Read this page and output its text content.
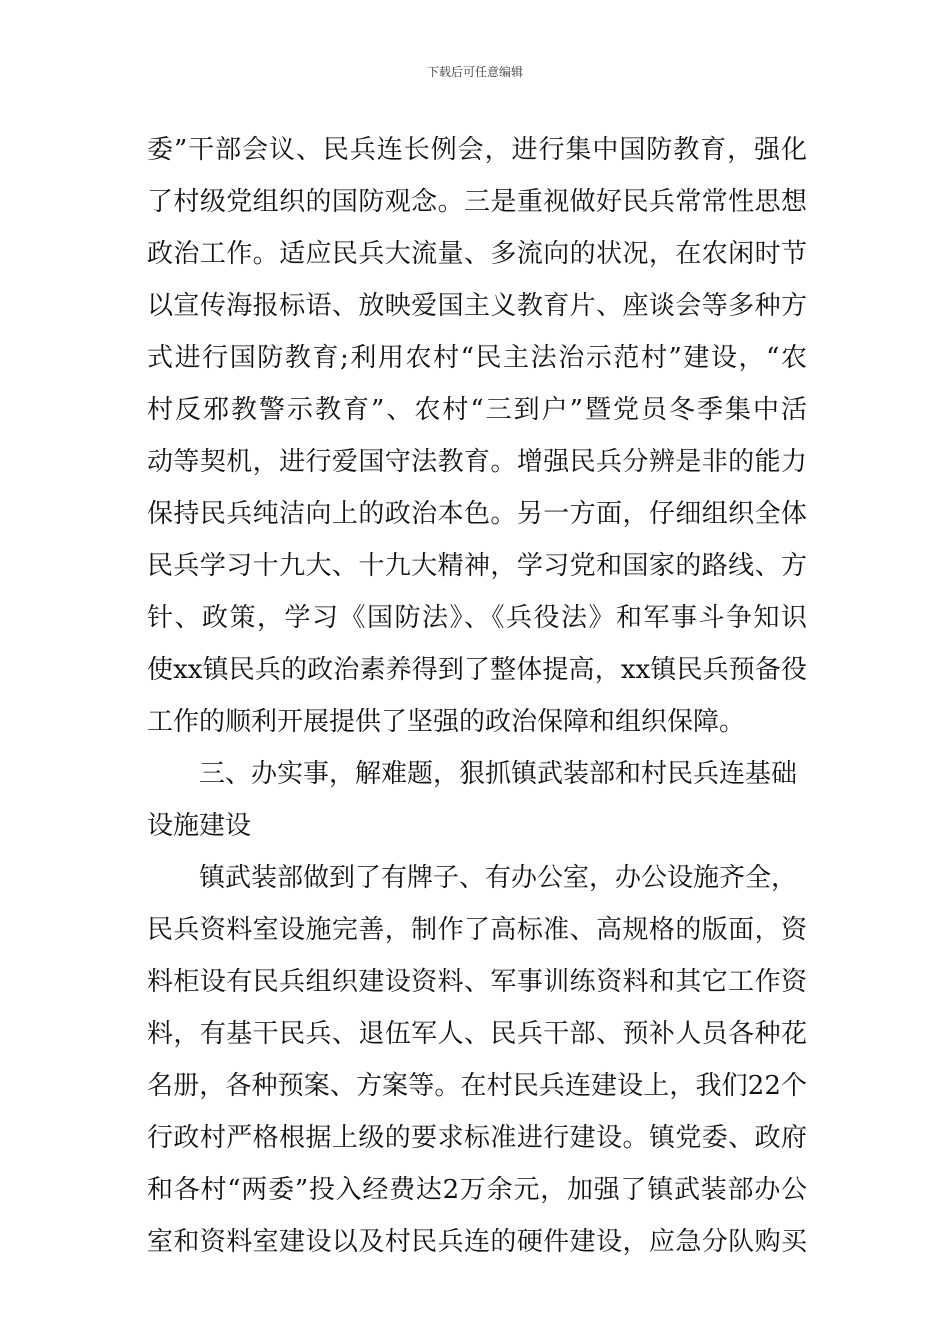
下载后可任意编辑
委”干部会议、民兵连长例会，进行集中国防教育，强化
了村级党组织的国防观念。三是重视做好民兵常常性思想
政治工作。适应民兵大流量、多流向的状况，在农闲时节
以宣传海报标语、放映爱国主义教育片、座谈会等多种方
式进行国防教育;利用农村“民主法治示范村”建设，“农
村反邪教警示教育”、农村“三到户”暨党员冬季集中活
动等契机，进行爱国守法教育。增强民兵分辨是非的能力
保持民兵纯洁向上的政治本色。另一方面，仔细组织全体
民兵学习十九大、十九大精神，学习党和国家的路线、方
针、政策，学习《国防法》、《兵役法》和军事斗争知识
使xx镇民兵的政治素养得到了整体提高，xx镇民兵预备役
工作的顺利开展提供了坚强的政治保障和组织保障。
三、办实事，解难题，狠抓镇武装部和村民兵连基础
设施建设
镇武装部做到了有牌子、有办公室，办公设施齐全，
民兵资料室设施完善，制作了高标准、高规格的版面，资
料柜设有民兵组织建设资料、军事训练资料和其它工作资
料，有基干民兵、退伍军人、民兵干部、预补人员各种花
名册，各种预案、方案等。在村民兵连建设上，我们22个
行政村严格根据上级的要求标准进行建设。镇党委、政府
和各村“两委”投入经费达2万余元，加强了镇武装部办公
室和资料室建设以及村民兵连的硬件建设，应急分队购买
